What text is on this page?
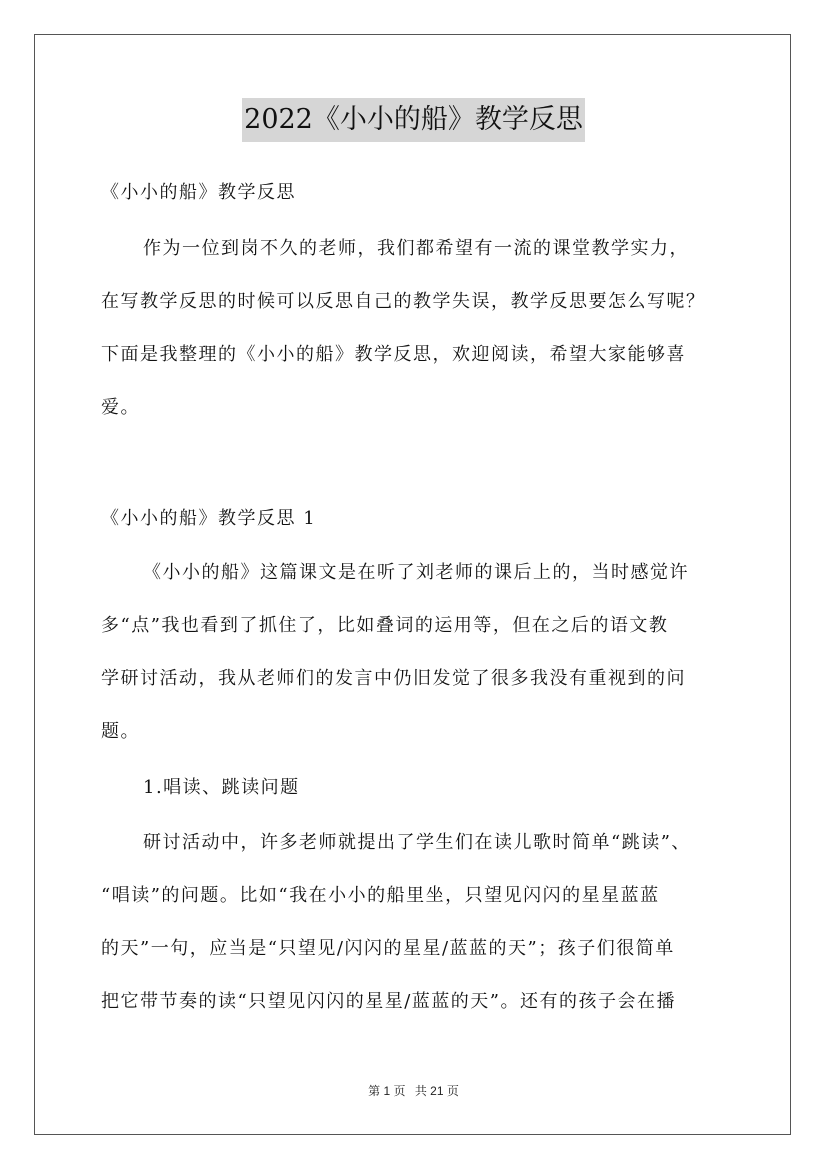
2022《小小的船》教学反思
《小小的船》教学反思
作为一位到岗不久的老师，我们都希望有一流的课堂教学实力，
在写教学反思的时候可以反思自己的教学失误，教学反思要怎么写呢？
下面是我整理的《小小的船》教学反思，欢迎阅读，希望大家能够喜
爱。
《小小的船》教学反思 1
《小小的船》这篇课文是在听了刘老师的课后上的，当时感觉许
多“点”我也看到了抓住了，比如叠词的运用等，但在之后的语文教
学研讨活动，我从老师们的发言中仍旧发觉了很多我没有重视到的问
题。
1.唱读、跳读问题
研讨活动中，许多老师就提出了学生们在读儿歌时简单“跳读”、
“唱读”的问题。比如“我在小小的船里坐，只望见闪闪的星星蓝蓝
的天”一句，应当是“只望见/闪闪的星星/蓝蓝的天”；孩子们很简单
把它带节奏的读“只望见闪闪的星星/蓝蓝的天”。还有的孩子会在播
第 1 页 共 21 页
